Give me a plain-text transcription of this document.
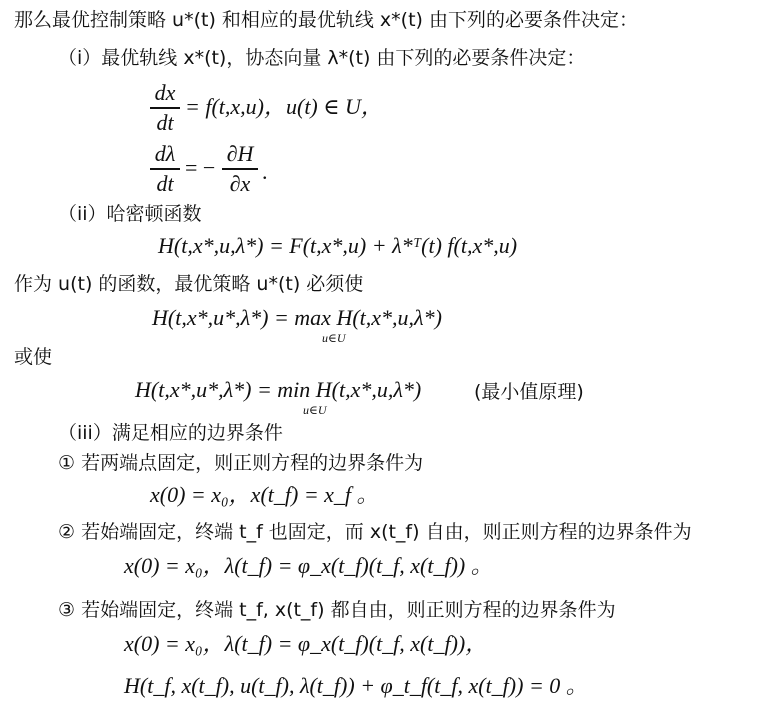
那么最优控制策略 u*(t) 和相应的最优轨线 x*(t) 由下列的必要条件决定：
（i）最优轨线 x*(t)，协态向量 λ*(t) 由下列的必要条件决定：
dx
dt
= f(t,x,u)，u(t) ∈ U，
dλ
dt
= −
∂H
∂x .
（ii）哈密顿函数
H(t,x*,u,λ*) = F(t,x*,u) + λ*ᵀ(t) f(t,x*,u)
作为 u(t) 的函数，最优策略 u*(t) 必须使
H(t,x*,u*,λ*) = max H(t,x*,u,λ*)
u∈U
或使
H(t,x*,u*,λ*) = min H(t,x*,u,λ*)
u∈U
(最小值原理)
（iii）满足相应的边界条件
① 若两端点固定，则正则方程的边界条件为
x(0) = x₀，x(t_f) = x_f 。
② 若始端固定，终端 t_f 也固定，而 x(t_f) 自由，则正则方程的边界条件为
x(0) = x₀，λ(t_f) = φ_x(t_f)(t_f, x(t_f)) 。
③ 若始端固定，终端 t_f, x(t_f) 都自由，则正则方程的边界条件为
x(0) = x₀，λ(t_f) = φ_x(t_f)(t_f, x(t_f))，
H(t_f, x(t_f), u(t_f), λ(t_f)) + φ_t_f(t_f, x(t_f)) = 0 。
